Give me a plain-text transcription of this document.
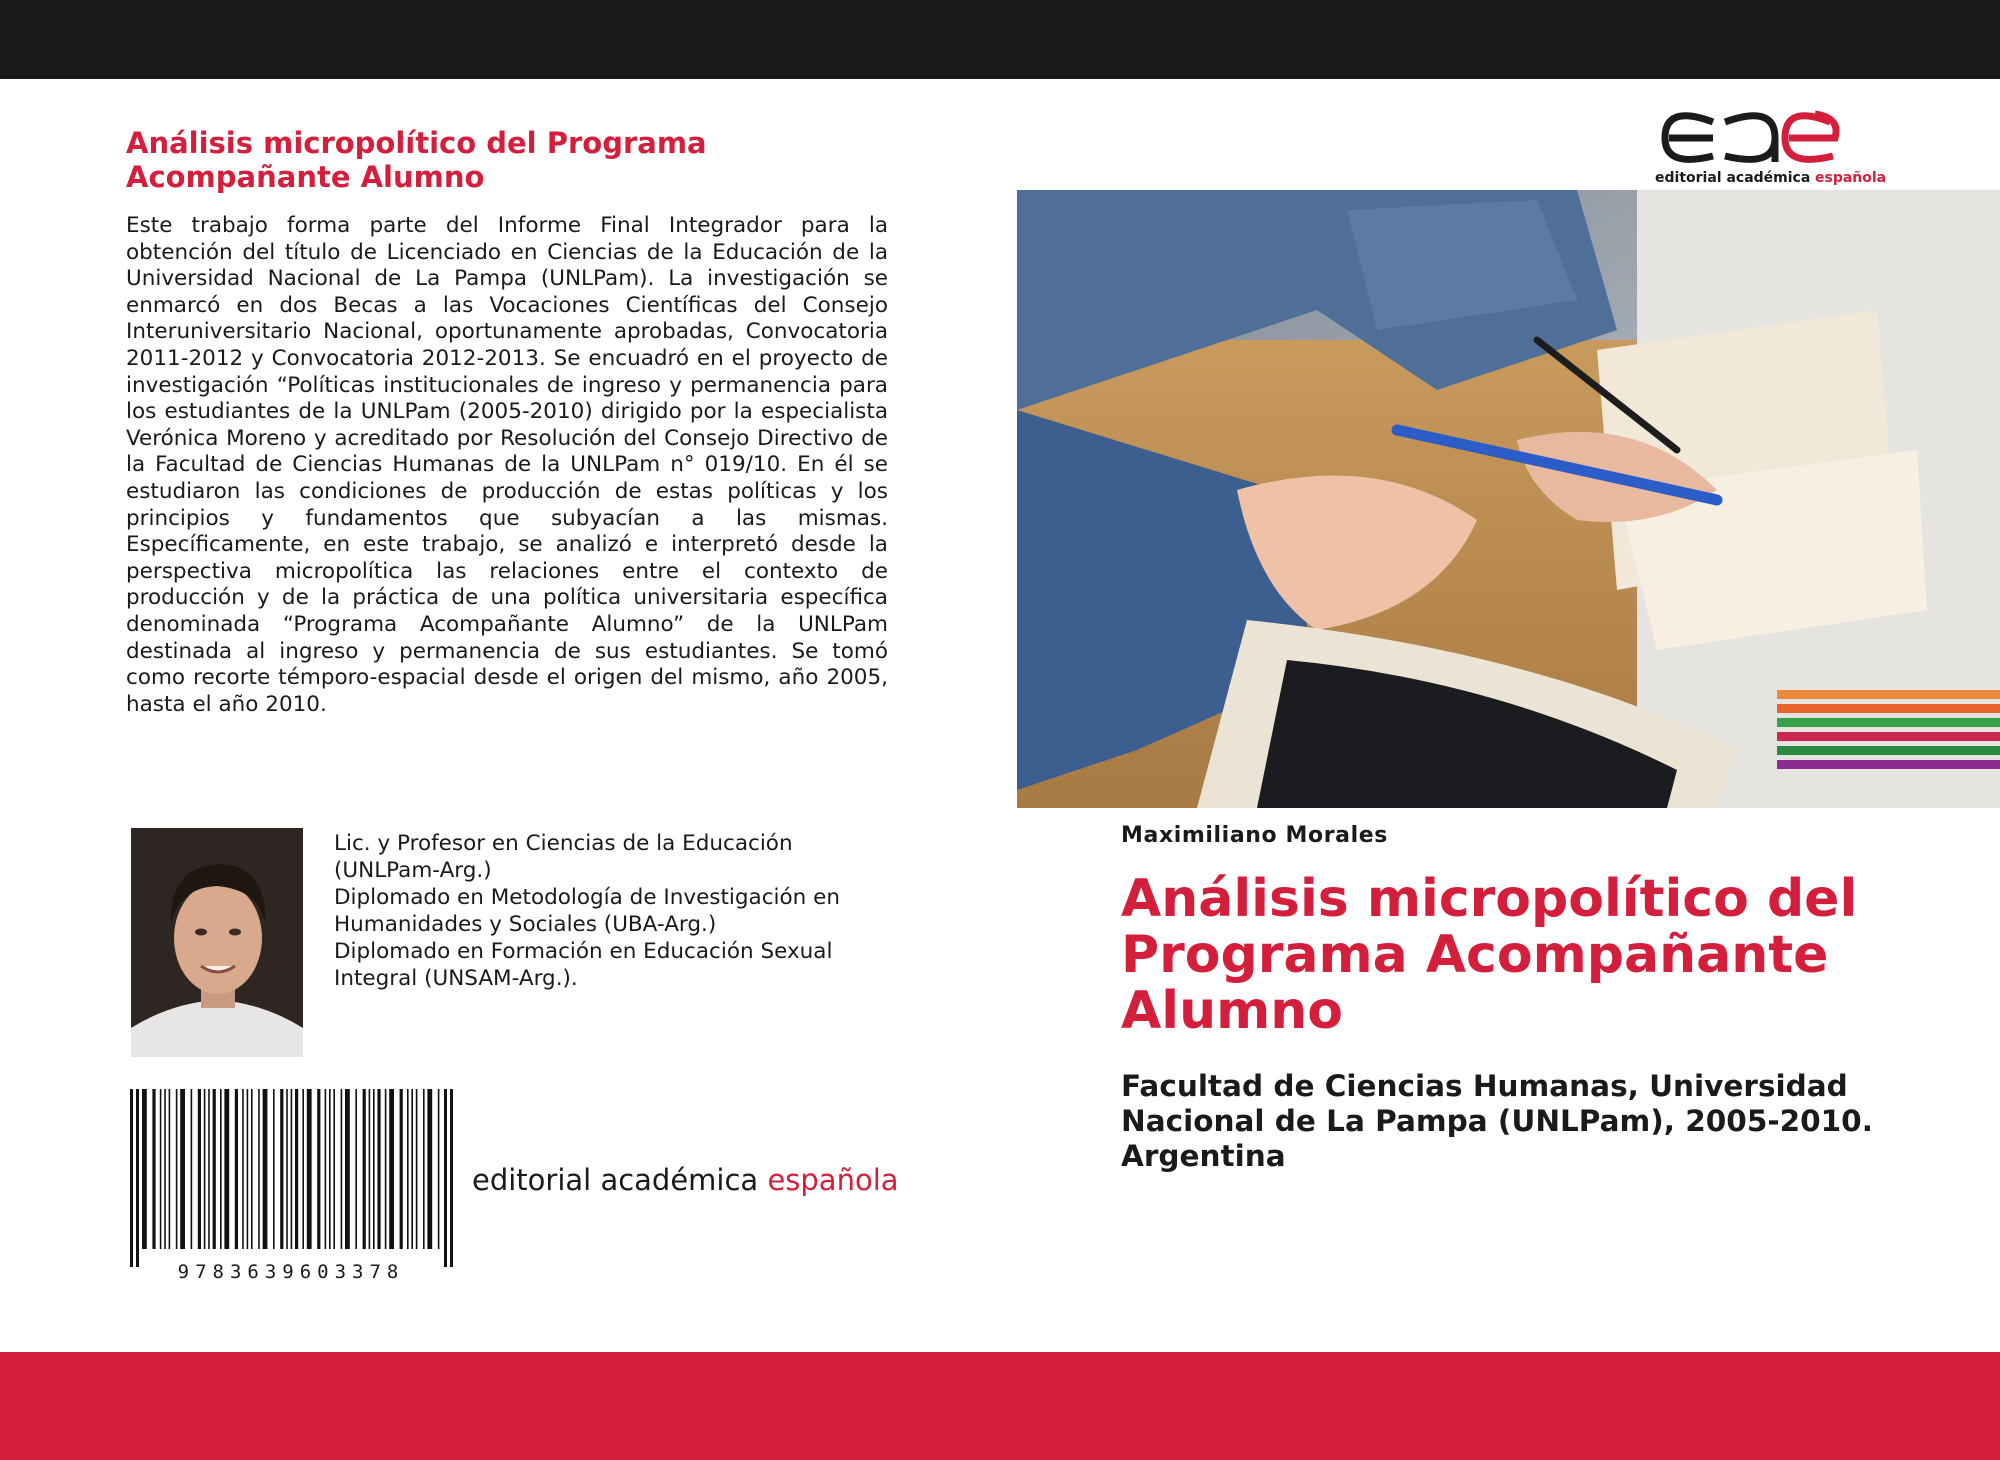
Análisis micropolítico del Programa Acompañante Alumno

Este trabajo forma parte del Informe Final Integrador para la obtención del título de Licenciado en Ciencias de la Educación de la Universidad Nacional de La Pampa (UNLPam). La investigación se enmarcó en dos Becas a las Vocaciones Científicas del Consejo Interuniversitario Nacional, oportunamente aprobadas, Convocatoria 2011-2012 y Convocatoria 2012-2013. Se encuadró en el proyecto de investigación “Políticas institucionales de ingreso y permanencia para los estudiantes de la UNLPam (2005-2010) dirigido por la especialista Verónica Moreno y acreditado por Resolución del Consejo Directivo de la Facultad de Ciencias Humanas de la UNLPam n° 019/10. En él se estudiaron las condiciones de producción de estas políticas y los principios y fundamentos que subyacían a las mismas. Específicamente, en este trabajo, se analizó e interpretó desde la perspectiva micropolítica las relaciones entre el contexto de producción y de la práctica de una política universitaria específica denominada “Programa Acompañante Alumno” de la UNLPam destinada al ingreso y permanencia de sus estudiantes. Se tomó como recorte témporo-espacial desde el origen del mismo, año 2005, hasta el año 2010.

Lic. y Profesor en Ciencias de la Educación
(UNLPam-Arg.)
Diplomado en Metodología de Investigación en
Humanidades y Sociales (UBA-Arg.)
Diplomado en Formación en Educación Sexual
Integral (UNSAM-Arg.).
9783639603378
editorial académica española
editorial académica española
Maximiliano Morales
Análisis micropolítico del Programa Acompañante Alumno
Facultad de Ciencias Humanas, Universidad Nacional de La Pampa (UNLPam), 2005-2010. Argentina
